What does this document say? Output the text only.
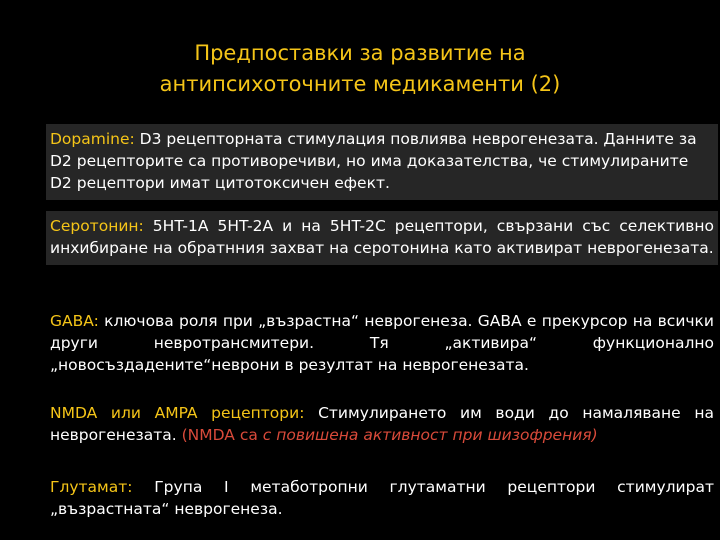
Предпоставки за развитие на
антипсихоточните медикаменти (2)
Dopamine: D3 рецепторната стимулация повлиява неврогенезата. Данните за D2 рецепторите са противоречиви, но има доказателства, че стимулираните D2 рецептори имат цитотоксичен ефект.
Серотонин: 5HT-1A 5HT-2A и на 5HT-2C рецептори, свързани със селективно инхибиране на обратнния захват на серотонина като активират неврогенезата.
GABA: ключова роля при „възрастна“ неврогенеза. GABA е прекурсор на всички други невротрансмитери. Тя „активира“ функционално „новосъздадените“неврони в резултат на неврогенезата.
NMDA или AMPA рецептори: Стимулирането им води до намаляване на неврогенезата. (NMDA са с повишена активност при шизофрения)
Глутамат: Група I метаботропни глутаматни рецептори стимулират „възрастната“ неврогенеза.
